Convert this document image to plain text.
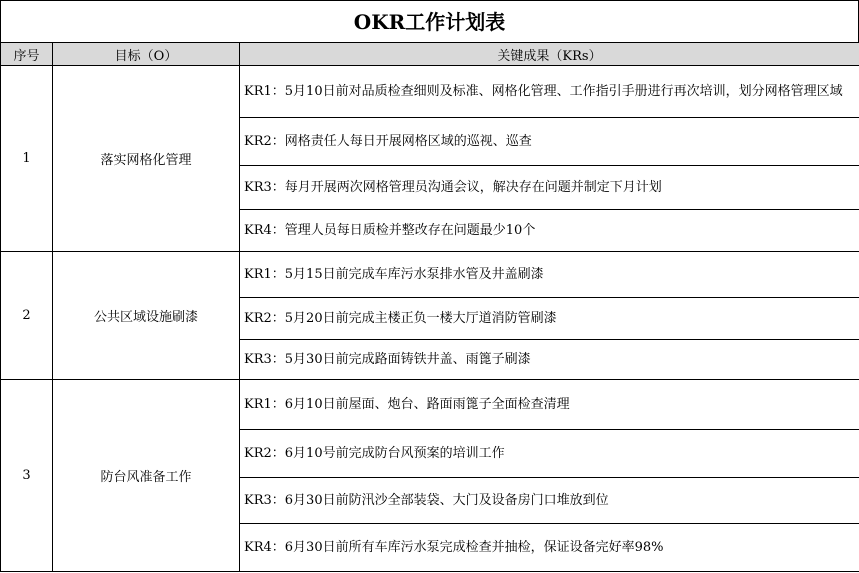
OKR工作计划表
序号	目标（O）	关键成果（KRs）
1	落实网格化管理	KR1：5月10日前对品质检查细则及标准、网格化管理、工作指引手册进行再次培训，划分网格管理区域
		KR2：网格责任人每日开展网格区域的巡视、巡查
		KR3：每月开展两次网格管理员沟通会议，解决存在问题并制定下月计划
		KR4：管理人员每日质检并整改存在问题最少10个
2	公共区域设施刷漆	KR1：5月15日前完成车库污水泵排水管及井盖刷漆
		KR2：5月20日前完成主楼正负一楼大厅道消防管刷漆
		KR3：5月30日前完成路面铸铁井盖、雨篦子刷漆
3	防台风准备工作	KR1：6月10日前屋面、炮台、路面雨篦子全面检查清理
		KR2：6月10号前完成防台风预案的培训工作
		KR3：6月30日前防汛沙全部装袋、大门及设备房门口堆放到位
		KR4：6月30日前所有车库污水泵完成检查并抽检，保证设备完好率98%
